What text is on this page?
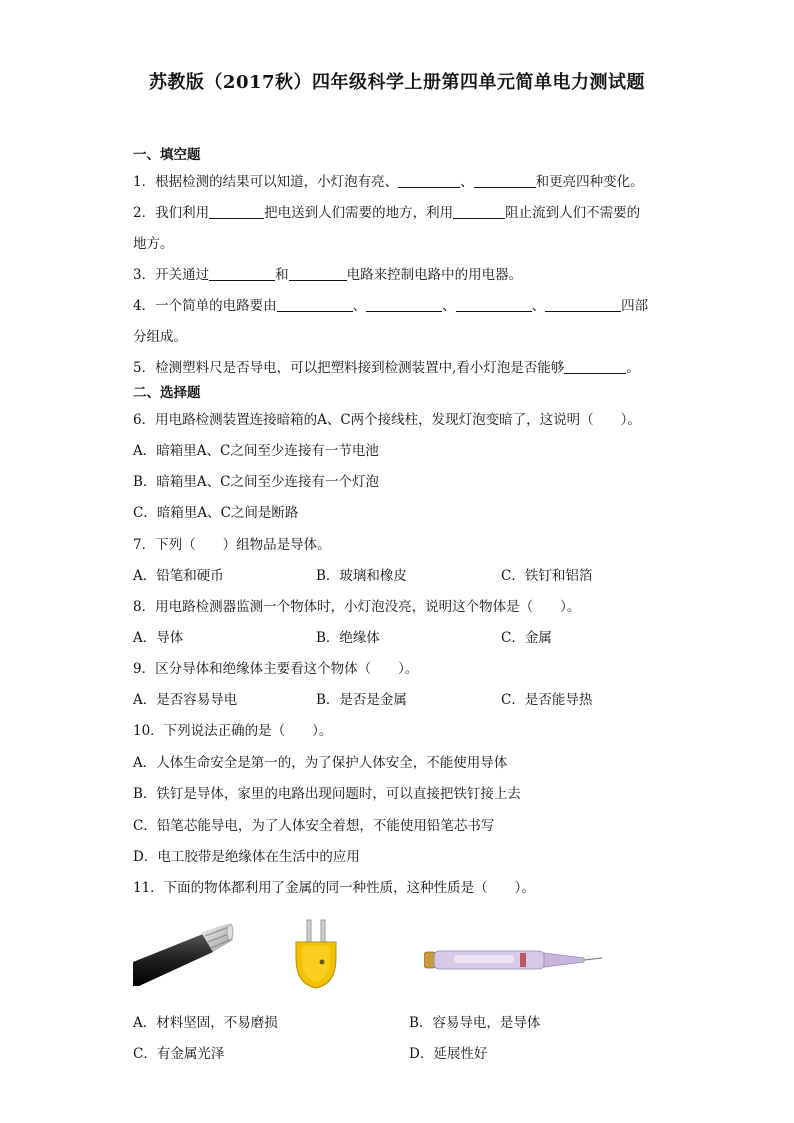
苏教版（2017秋）四年级科学上册第四单元简单电力测试题
一、填空题
1．根据检测的结果可以知道，小灯泡有亮、	、	和更亮四种变化。
2．我们利用	把电送到人们需要的地方，利用	阻止流到人们不需要的
地方。
3．开关通过	和	电路来控制电路中的用电器。
4．一个简单的电路要由	、	、	、	四部
分组成。
5．检测塑料尺是否导电，可以把塑料接到检测装置中,看小灯泡是否能够	。
二、选择题
6．用电路检测装置连接暗箱的A、C两个接线柱，发现灯泡变暗了，这说明（　　）。
A．暗箱里A、C之间至少连接有一节电池
B．暗箱里A、C之间至少连接有一个灯泡
C．暗箱里A、C之间是断路
7．下列（　　）组物品是导体。
A．铅笔和硬币	B．玻璃和橡皮	C．铁钉和铝箔
8．用电路检测器监测一个物体时，小灯泡没亮，说明这个物体是（　　）。
A．导体	B．绝缘体	C．金属
9．区分导体和绝缘体主要看这个物体（　　）。
A．是否容易导电	B．是否是金属	C．是否能导热
10．下列说法正确的是（　　）。
A．人体生命安全是第一的，为了保护人体安全，不能使用导体
B．铁钉是导体，家里的电路出现问题时，可以直接把铁钉接上去
C．铅笔芯能导电，为了人体安全着想，不能使用铅笔芯书写
D．电工胶带是绝缘体在生活中的应用
11．下面的物体都利用了金属的同一种性质，这种性质是（　　）。
A．材料坚固，不易磨损	B．容易导电，是导体
C．有金属光泽	D．延展性好
